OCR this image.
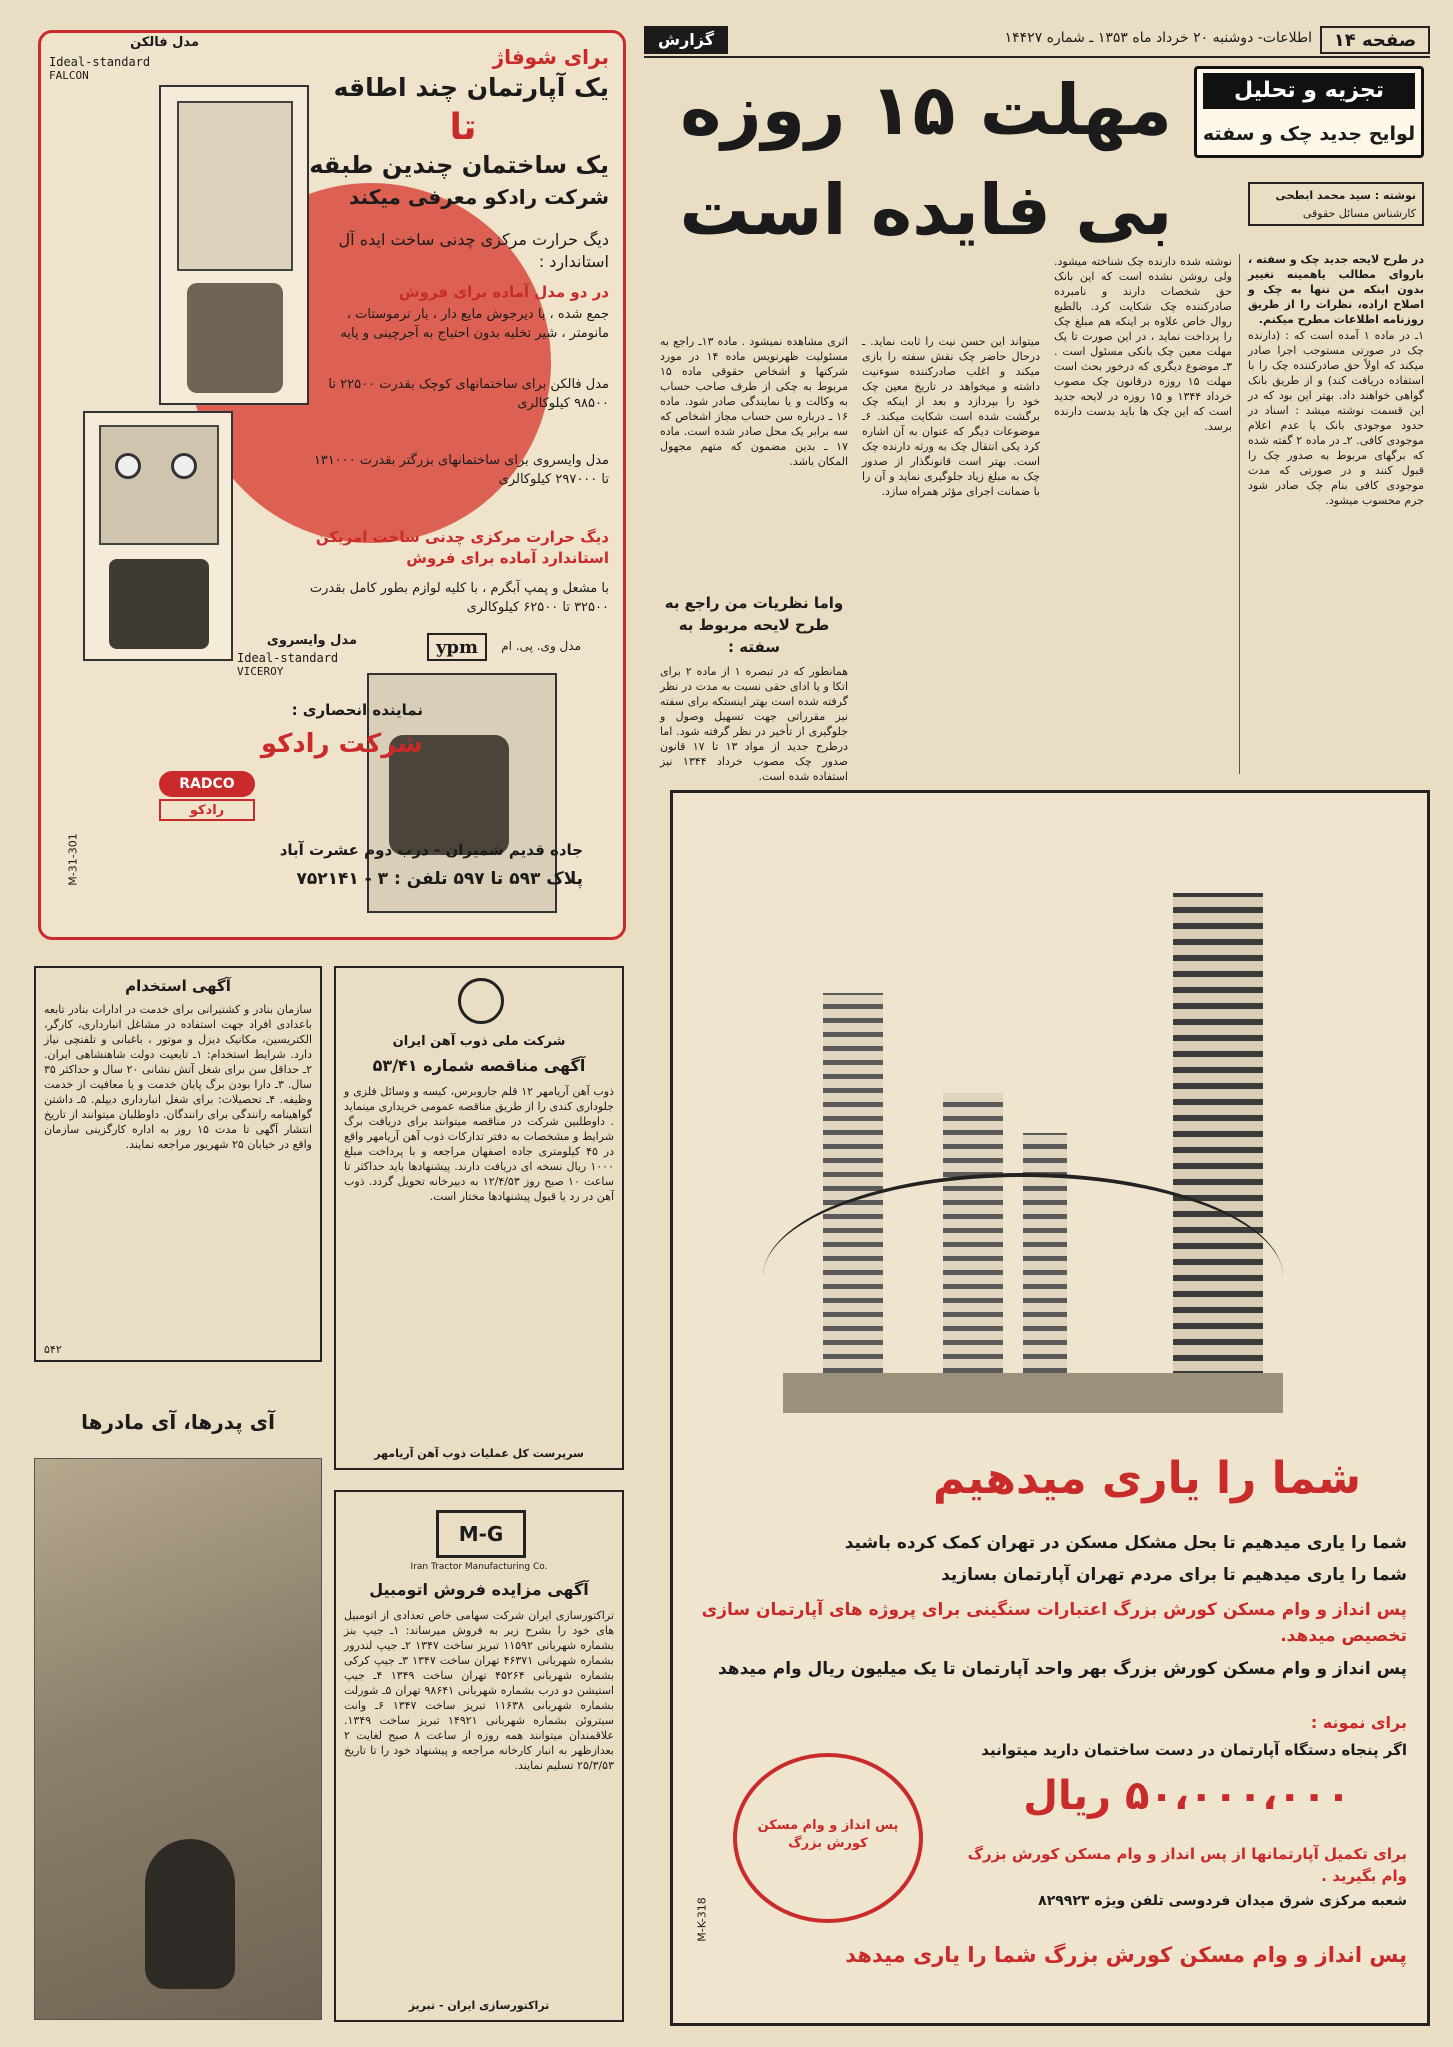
صفحه ۱۴
اطلاعات- دوشنبه ۲۰ خرداد ماه ۱۳۵۳ ـ شماره ۱۴۴۲۷
گزارش
تجزیه و تحلیل
لوایح جدید چک و سفته
مهلت ۱۵ روزه
بی فایده است	نوشته : سید محمد ابطحی
کارشناس مسائل حقوقی
در طرح لایحه جدید چک و سفته ، باروای مطالب یاهمینه تغییر بدون اینکه من تنها به چک و اصلاح اراده، نظرات را از طریق روزنامه اطلاعات مطرح میکنم.
۱ـ در ماده ۱ آمده است که : (دارنده چک در صورتی مستوجب اجرا صادر میکند که اولاً حق صادرکننده چک را با استفاده دریافت کند) و از طریق بانک گواهی خواهند داد. بهتر این بود که در این قسمت نوشته میشد : اسناد در حدود موجودی بانک یا عدم اعلام موجودی کافی. ۲ـ در ماده ۲ گفته شده که برگهای مربوط به صدور چک را قبول کنند و در صورتی که مدت موجودی کافی بنام چک صادر شود جرم محسوب میشود.
نوشته شده دارنده چک شناخته میشود. ولی روشن نشده است که این بانک حق شخصات دارند و نامبرده صادرکننده چک شکایت کرد. بالطبع روال خاص علاوه بر اینکه هم مبلغ چک را پرداخت نماید ، در این صورت تا یک مهلت معین چک بانکی مسئول است . ۳ـ موضوع دیگری که درخور بحث است مهلت ۱۵ روزه درقانون چک مصوب خرداد ۱۳۴۴ و ۱۵ روزه در لایحه جدید است که این چک ها باید بدست دارنده برسد.
میتواند این حسن نیت را ثابت نماید. ـ درحال حاضر چک نقش سفته را بازی میکند و اغلب صادرکننده سوءنیت داشته و میخواهد در تاریخ معین چک خود را بپردازد و بعد از اینکه چک برگشت شده است شکایت میکند. ۶ـ موضوعات دیگر که عنوان به آن اشاره کرد یکی انتقال چک به ورثه دارنده چک است. بهتر است قانونگذار از صدور چک به مبلغ زیاد جلوگیری نماید و آن را با ضمانت اجرای مؤثر همراه سازد.
اثری مشاهده نمیشود . ماده ۱۳ـ راجع به مسئولیت ظهرنویس ماده ۱۴ در مورد شرکتها و اشخاص حقوقی ماده ۱۵ مربوط به چکی از طرف صاحب حساب به وکالت و یا نمایندگی صادر شود. ماده ۱۶ ـ درباره سن حساب مجاز اشخاص که سه برابر یک محل صادر شده است. ماده ۱۷ ـ بدین مضمون که متهم مجهول المکان باشد.
واما نظریات من راجع به طرح لایحه مربوط به سفته :
همانطور که در تبصره ۱ از ماده ۲ برای اتکا و یا ادای حقی نسبت به مدت در نظر گرفته شده است بهتر اینستکه برای سفته نیز مقرراتی جهت تسهیل وصول و جلوگیری از تأخیر در نظر گرفته شود. اما درطرح جدید از مواد ۱۳ تا ۱۷ قانون صدور چک مصوب خرداد ۱۳۴۴ نیز استفاده شده است.
مدل فالکن
Ideal-standard
FALCON
برای شوفاژ
یک آپارتمان چند اطاقه
تا
یک ساختمان چندین طبقه
شرکت رادکو معرفی میکند
دیگ حرارت مرکزی چدنی ساخت ایده آل استاندارد :
در دو مدل آماده برای فروش
جمع شده ، با دیرجوش مایع دار ، بار ترموستات ، مانومتر ، شیر تخلیه بدون احتیاج به آجرچینی و پایه
مدل فالکن برای ساختمانهای کوچک بقدرت ۲۲۵۰۰ تا ۹۸۵۰۰ کیلوکالری
مدل وایسروی برای ساختمانهای بزرگتر بقدرت ۱۳۱۰۰۰ تا ۲۹۷۰۰۰ کیلوکالری
دیگ حرارت مرکزی چدنی ساخت امریکن استاندارد آماده برای فروش
با مشعل و پمپ آبگرم ، با کلیه لوازم بطور کامل بقدرت ۳۲۵۰۰ تا ۶۲۵۰۰ کیلوکالری
مدل وایسروی
Ideal-standard
VICEROY
ypm	مدل وی. پی. ام
نماینده انحصاری :
شرکت رادکو
RADCO
رادکو
جاده قدیم شمیران - درب دوم عشرت آباد
پلاک ۵۹۳ تا ۵۹۷ تلفن : ۳ - ۷۵۲۱۴۱
M-31-301
آگهی استخدام
سازمان بنادر و کشتیرانی برای خدمت در ادارات بنادر تابعه باعدادی افراد جهت استفاده در مشاغل انبارداری، کارگر، الکتریسین، مکانیک دیزل و موتور ، باغبانی و تلفنچی نیاز دارد. شرایط استخدام: ۱ـ تابعیت دولت شاهنشاهی ایران. ۲ـ حداقل سن برای شغل آتش نشانی ۲۰ سال و حداکثر ۳۵ سال. ۳ـ دارا بودن برگ پایان خدمت و یا معافیت از خدمت وظیفه. ۴ـ تحصیلات: برای شغل انبارداری دیپلم. ۵ـ داشتن گواهینامه رانندگی برای رانندگان. داوطلبان میتوانند از تاریخ انتشار آگهی تا مدت ۱۵ روز به اداره کارگزینی سازمان واقع در خیابان ۲۵ شهریور مراجعه نمایند.
۵۴۲
شرکت ملی ذوب آهن ایران
آگهی مناقصه شماره ۵۳/۴۱
ذوب آهن آریامهر ۱۲ قلم جاروبرس، کیسه و وسائل فلزی و جلوداری کندی را از طریق مناقصه عمومی خریداری مینماید . داوطلبین شرکت در مناقصه میتوانند برای دریافت برگ شرایط و مشخصات به دفتر تدارکات ذوب آهن آریامهر واقع در ۴۵ کیلومتری جاده اصفهان مراجعه و با پرداخت مبلغ ۱۰۰۰ ریال نسخه ای دریافت دارند. پیشنهادها باید حداکثر تا ساعت ۱۰ صبح روز ۱۲/۴/۵۳ به دبیرخانه تحویل گردد. ذوب آهن در رد یا قبول پیشنهادها مختار است.
سرپرست کل عملیات ذوب آهن آریامهر
آی پدرها، آی مادرها
M-G
Iran Tractor Manufacturing Co.
آگهی مزایده فروش اتومبیل
تراکتورسازی ایران شرکت سهامی خاص تعدادی از اتومبیل های خود را بشرح زیر به فروش میرساند: ۱ـ جیپ بنز بشماره شهربانی ۱۱۵۹۲ تبریز ساخت ۱۳۴۷ ۲ـ جیپ لندرور بشماره شهربانی ۴۶۳۷۱ تهران ساخت ۱۳۴۷ ۳ـ جیپ کرکی بشماره شهربانی ۴۵۲۶۴ تهران ساخت ۱۳۴۹ ۴ـ جیپ استیشن دو درب بشماره شهربانی ۹۸۶۴۱ تهران ۵ـ شورلت بشماره شهربانی ۱۱۶۳۸ تبریز ساخت ۱۳۴۷ ۶ـ وانت سیتروئن بشماره شهربانی ۱۴۹۲۱ تبریز ساخت ۱۳۴۹. علاقمندان میتوانند همه روزه از ساعت ۸ صبح لغایت ۲ بعدازظهر به انبار کارخانه مراجعه و پیشنهاد خود را تا تاریخ ۲۵/۳/۵۳ تسلیم نمایند.
تراکتورسازی ایران - تبریز
شما را یاری میدهیم
شما را یاری میدهیم تا بحل مشکل مسکن در تهران کمک کرده باشید
شما را یاری میدهیم تا برای مردم تهران آپارتمان بسازید
پس انداز و وام مسکن کورش بزرگ اعتبارات سنگینی برای پروژه های آپارتمان سازی تخصیص میدهد.
پس انداز و وام مسکن کورش بزرگ بهر واحد آپارتمان تا یک میلیون ریال وام میدهد
برای نمونه :
اگر پنجاه دستگاه آپارتمان در دست ساختمان دارید میتوانید
۵۰،۰۰۰،۰۰۰ ریال
برای تکمیل آپارتمانها از پس انداز و وام مسکن کورش بزرگ وام بگیرید .
شعبه مرکزی شرق میدان فردوسی تلفن ویژه ۸۲۹۹۲۳
پس انداز و وام مسکن کورش بزرگ شما را یاری میدهد
پس انداز و وام مسکن کورش بزرگ
M-K-318
